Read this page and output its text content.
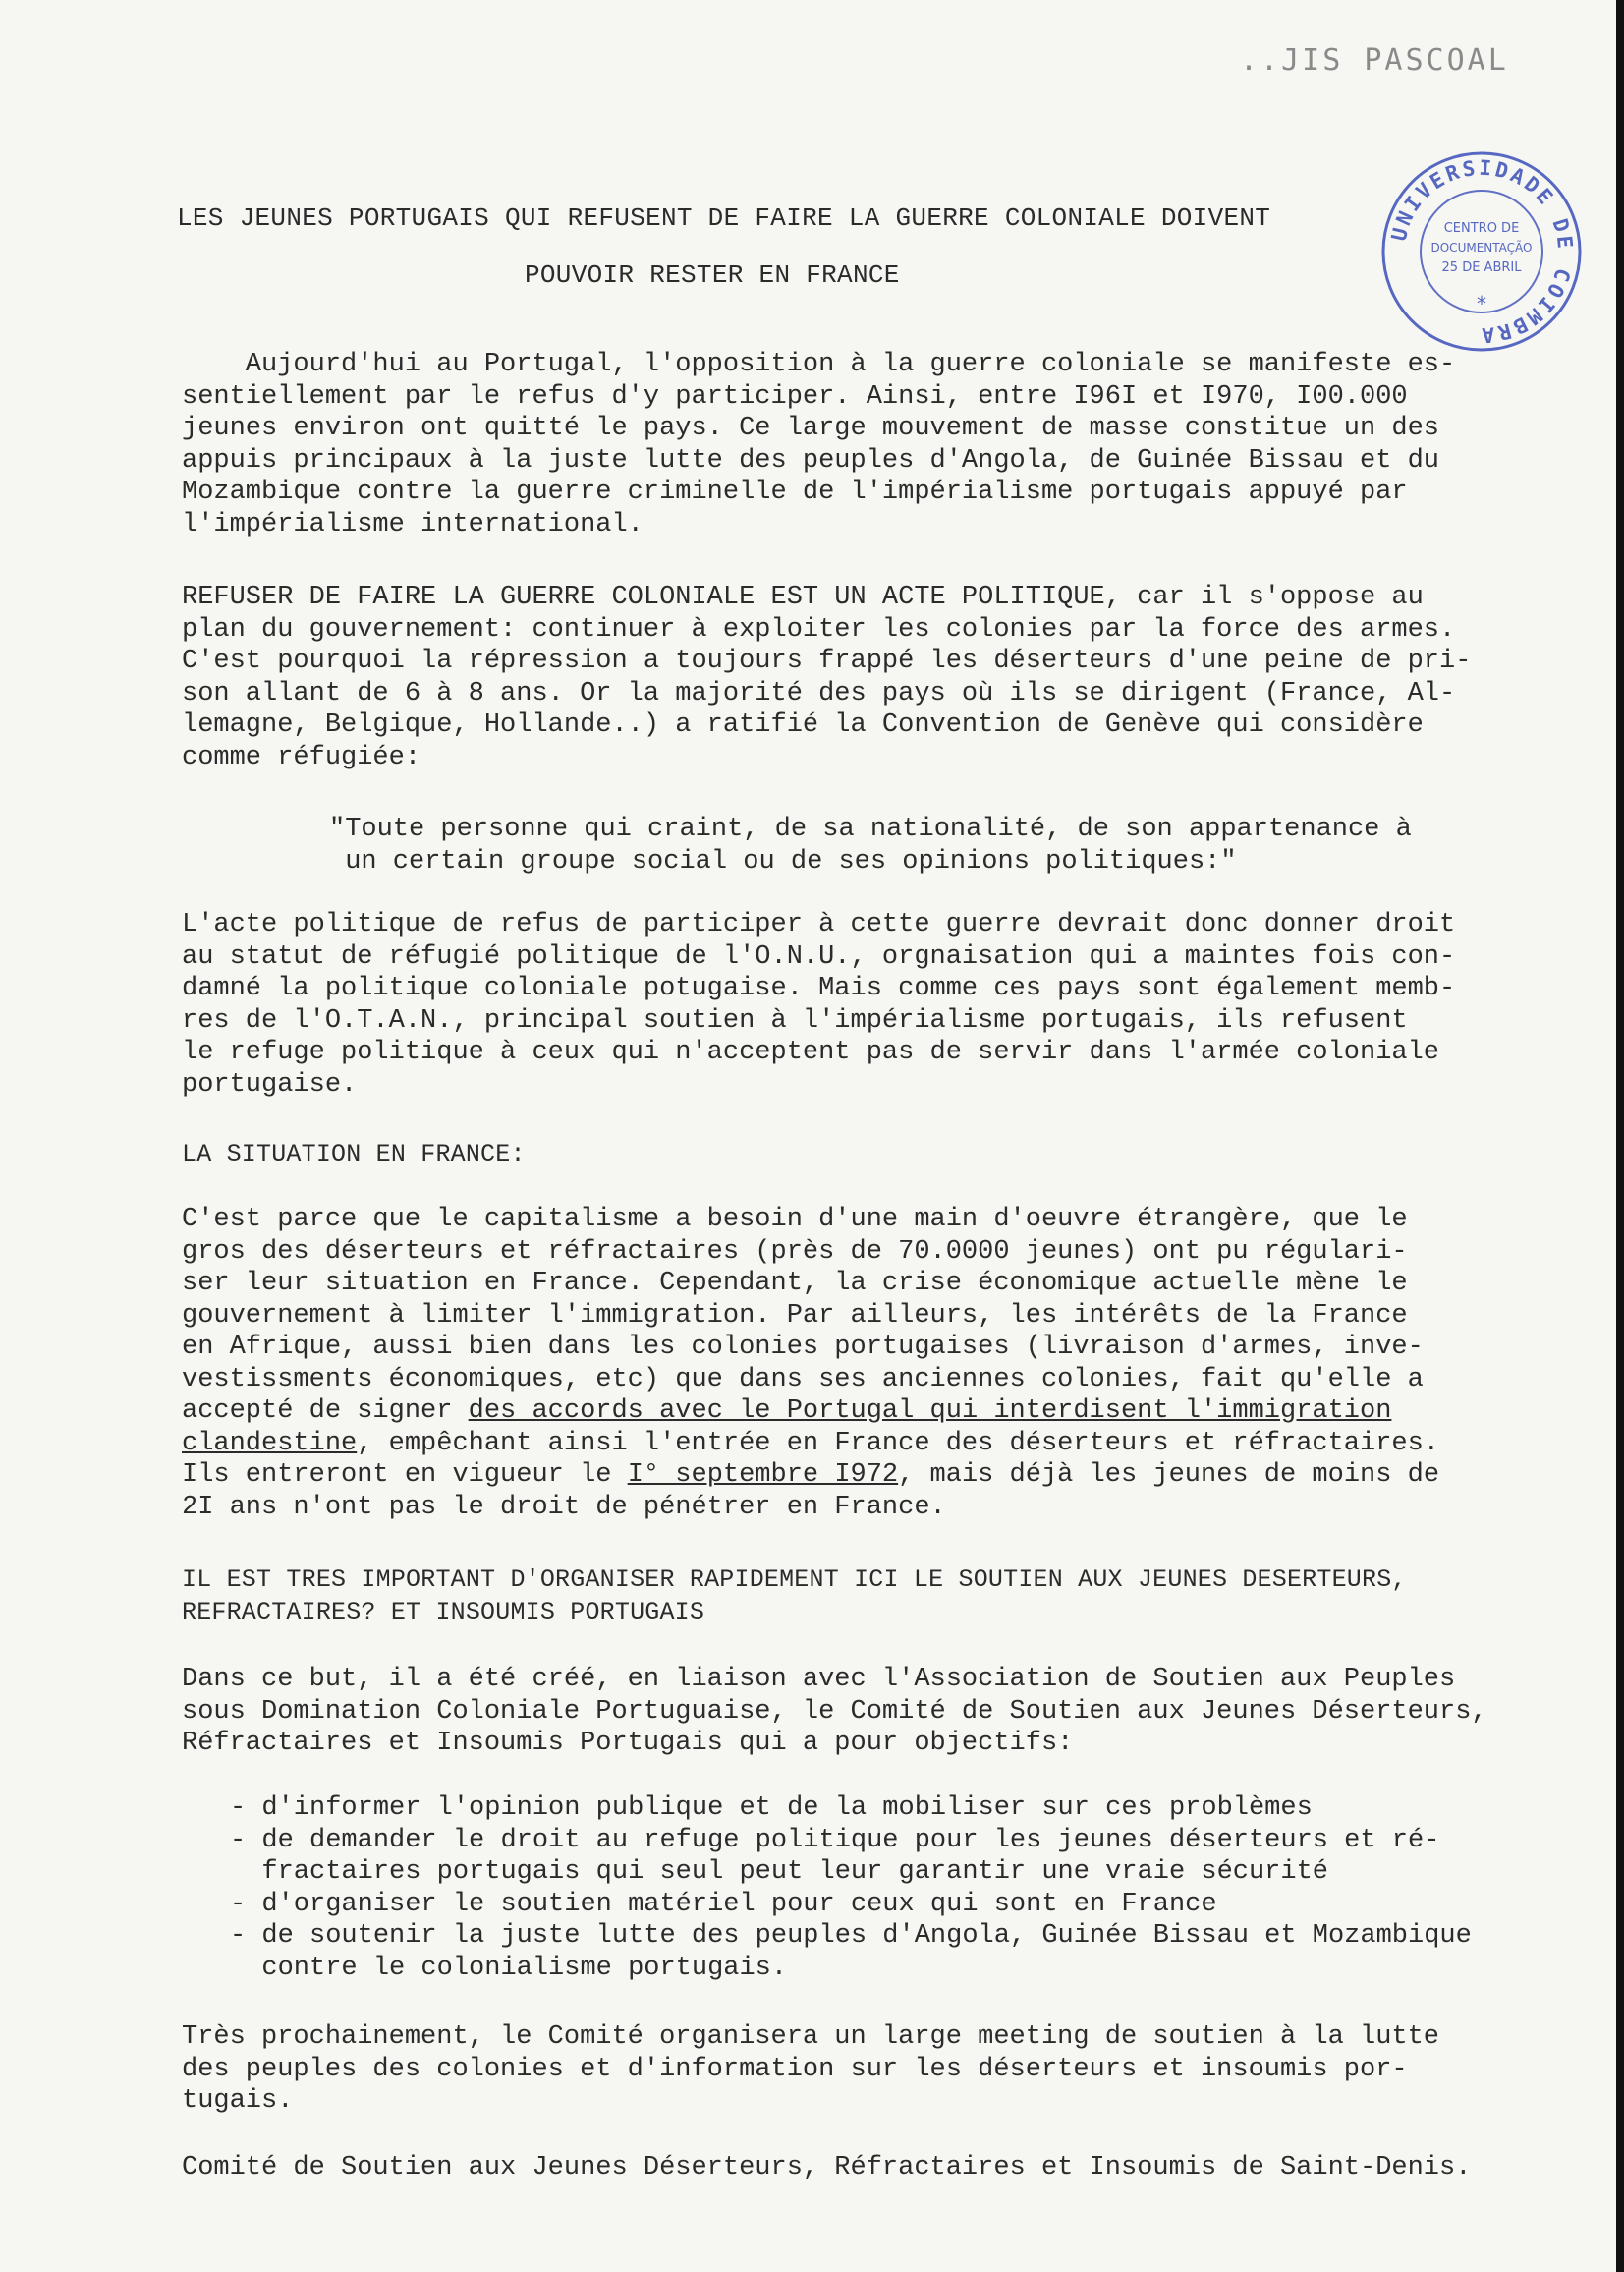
..JIS PASCOAL
UNIVERSIDADE DE COIMBRA
CENTRO DE
DOCUMENTAÇÃO
25 DE ABRIL
*
LES JEUNES PORTUGAIS QUI REFUSENT DE FAIRE LA GUERRE COLONIALE DOIVENT
POUVOIR RESTER EN FRANCE
Aujourd'hui au Portugal, l'opposition à la guerre coloniale se manifeste es-
sentiellement par le refus d'y participer. Ainsi, entre I96I et I970, I00.000
jeunes environ ont quitté le pays. Ce large mouvement de masse constitue un des
appuis principaux à la juste lutte des peuples d'Angola, de Guinée Bissau et du
Mozambique contre la guerre criminelle de l'impérialisme portugais appuyé par
l'impérialisme international.
REFUSER DE FAIRE LA GUERRE COLONIALE EST UN ACTE POLITIQUE, car il s'oppose au
plan du gouvernement: continuer à exploiter les colonies par la force des armes.
C'est pourquoi la répression a toujours frappé les déserteurs d'une peine de pri-
son allant de 6 à 8 ans. Or la majorité des pays où ils se dirigent (France, Al-
lemagne, Belgique, Hollande..) a ratifié la Convention de Genève qui considère
comme réfugiée:
"Toute personne qui craint, de sa nationalité, de son appartenance à
un certain groupe social ou de ses opinions politiques:"
L'acte politique de refus de participer à cette guerre devrait donc donner droit
au statut de réfugié politique de l'O.N.U., orgnaisation qui a maintes fois con-
damné la politique coloniale potugaise. Mais comme ces pays sont également memb-
res de l'O.T.A.N., principal soutien à l'impérialisme portugais, ils refusent
le refuge politique à ceux qui n'acceptent pas de servir dans l'armée coloniale
portugaise.
LA SITUATION EN FRANCE:
C'est parce que le capitalisme a besoin d'une main d'oeuvre étrangère, que le
gros des déserteurs et réfractaires (près de 70.0000 jeunes) ont pu régulari-
ser leur situation en France. Cependant, la crise économique actuelle mène le
gouvernement à limiter l'immigration. Par ailleurs, les intérêts de la France
en Afrique, aussi bien dans les colonies portugaises (livraison d'armes, inve-
vestissments économiques, etc) que dans ses anciennes colonies, fait qu'elle a
accepté de signer des accords avec le Portugal qui interdisent l'immigration
clandestine, empêchant ainsi l'entrée en France des déserteurs et réfractaires.
Ils entreront en vigueur le I° septembre I972, mais déjà les jeunes de moins de
2I ans n'ont pas le droit de pénétrer en France.
IL EST TRES IMPORTANT D'ORGANISER RAPIDEMENT ICI LE SOUTIEN AUX JEUNES DESERTEURS,
REFRACTAIRES? ET INSOUMIS PORTUGAIS
Dans ce but, il a été créé, en liaison avec l'Association de Soutien aux Peuples
sous Domination Coloniale Portuguaise, le Comité de Soutien aux Jeunes Déserteurs,
Réfractaires et Insoumis Portugais qui a pour objectifs:
- d'informer l'opinion publique et de la mobiliser sur ces problèmes
- de demander le droit au refuge politique pour les jeunes déserteurs et ré-
fractaires portugais qui seul peut leur garantir une vraie sécurité
- d'organiser le soutien matériel pour ceux qui sont en France
- de soutenir la juste lutte des peuples d'Angola, Guinée Bissau et Mozambique
contre le colonialisme portugais.
Très prochainement, le Comité organisera un large meeting de soutien à la lutte
des peuples des colonies et d'information sur les déserteurs et insoumis por-
tugais.
Comité de Soutien aux Jeunes Déserteurs, Réfractaires et Insoumis de Saint-Denis.
